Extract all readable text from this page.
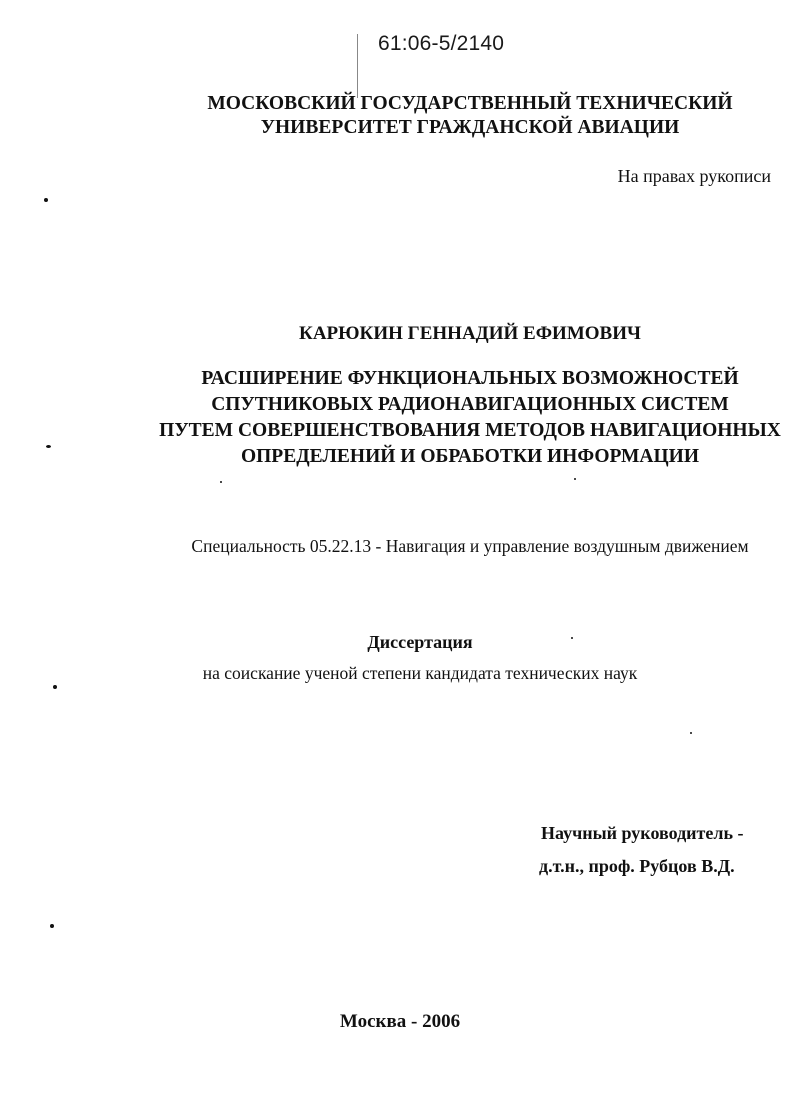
61:06-5/2140
МОСКОВСКИЙ ГОСУДАРСТВЕННЫЙ ТЕХНИЧЕСКИЙ
УНИВЕРСИТЕТ ГРАЖДАНСКОЙ АВИАЦИИ
На правах рукописи
КАРЮКИН ГЕННАДИЙ ЕФИМОВИЧ
РАСШИРЕНИЕ ФУНКЦИОНАЛЬНЫХ ВОЗМОЖНОСТЕЙ
СПУТНИКОВЫХ РАДИОНАВИГАЦИОННЫХ СИСТЕМ
ПУТЕМ СОВЕРШЕНСТВОВАНИЯ МЕТОДОВ НАВИГАЦИОННЫХ
ОПРЕДЕЛЕНИЙ И ОБРАБОТКИ ИНФОРМАЦИИ
Специальность 05.22.13 - Навигация и управление воздушным движением
Диссертация
на соискание ученой степени кандидата технических наук
Научный руководитель -
д.т.н., проф. Рубцов В.Д.
Москва - 2006
